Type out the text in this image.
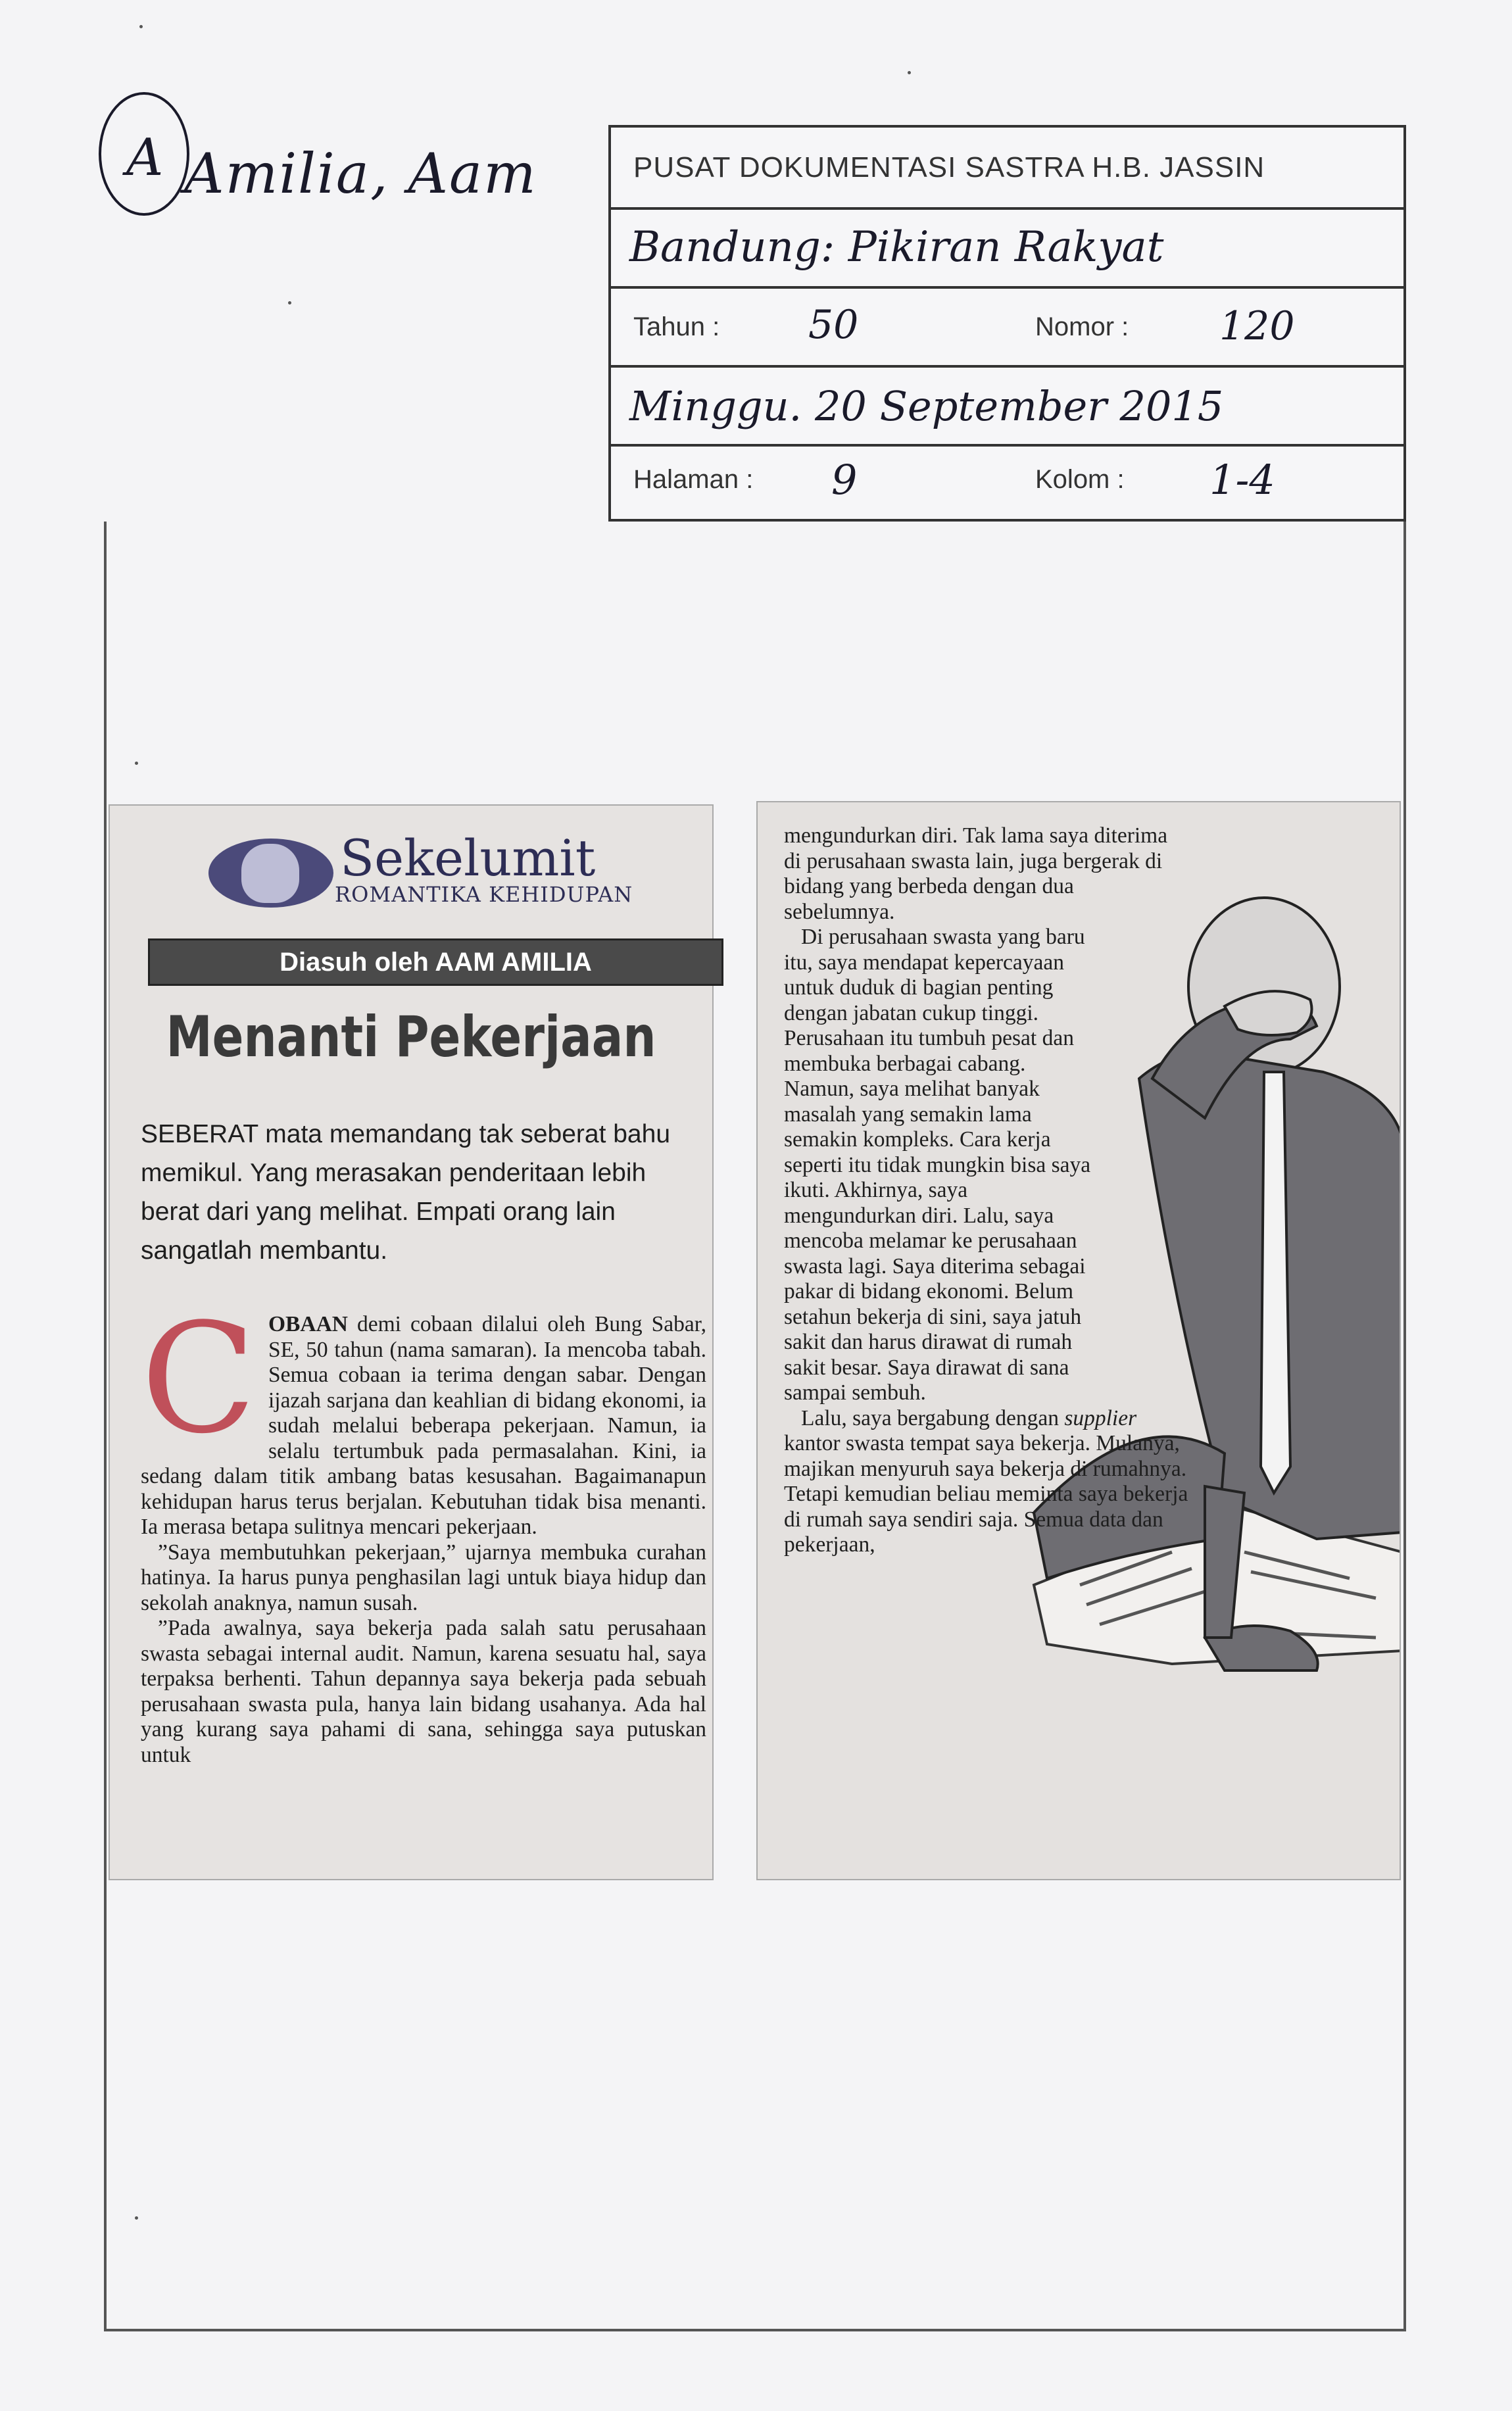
A Amilia, Aam	PUSAT DOKUMENTASI SASTRA H.B. JASSIN
Bandung: Pikiran Rakyat
Tahun : 50	Nomor : 120
Minggu. 20 September 2015
Halaman : 9	Kolom : 1-4
Sekelumit
ROMANTIKA KEHIDUPAN
Diasuh oleh AAM AMILIA
Menanti Pekerjaan
SEBERAT mata memandang tak seberat bahu memikul. Yang merasakan penderitaan lebih berat dari yang melihat. Empati orang lain sangatlah membantu.
C OBAAN demi cobaan dilalui oleh Bung Sabar, SE, 50 tahun (nama samaran). Ia mencoba tabah. Semua cobaan ia terima dengan sabar. Dengan ijazah sarjana dan keahlian di bidang ekonomi, ia sudah melalui beberapa pekerjaan. Namun, ia selalu tertumbuk pada permasalahan. Kini, ia sedang dalam titik ambang batas kesusahan. Bagaimanapun kehidupan harus terus berjalan. Kebutuhan tidak bisa menanti. Ia merasa betapa sulitnya mencari pekerjaan.

”Saya membutuhkan pekerjaan,” ujarnya membuka curahan hatinya. Ia harus punya penghasilan lagi untuk biaya hidup dan sekolah anaknya, namun susah.

”Pada awalnya, saya bekerja pada salah satu perusahaan swasta sebagai internal audit. Namun, karena sesuatu hal, saya terpaksa berhenti. Tahun depannya saya bekerja pada sebuah perusahaan swasta pula, hanya lain bidang usahanya. Ada hal yang kurang saya pahami di sana, sehingga saya putuskan untuk

mengundurkan diri. Tak lama saya diterima di perusahaan swasta lain, juga bergerak di bidang yang berbeda dengan dua sebelumnya.

Di perusahaan swasta yang baru itu, saya mendapat kepercayaan untuk duduk di bagian penting dengan jabatan cukup tinggi. Perusahaan itu tumbuh pesat dan membuka berbagai cabang. Namun, saya melihat banyak masalah yang semakin lama semakin kompleks. Cara kerja seperti itu tidak mungkin bisa saya ikuti. Akhirnya, saya mengundurkan diri. Lalu, saya mencoba melamar ke perusahaan swasta lagi. Saya diterima sebagai pakar di bidang ekonomi. Belum setahun bekerja di sini, saya jatuh sakit dan harus dirawat di rumah sakit besar. Saya dirawat di sana sampai sembuh.

Lalu, saya bergabung dengan supplier kantor swasta tempat saya bekerja. Mulanya, majikan menyuruh saya bekerja di rumahnya. Tetapi kemudian beliau meminta saya bekerja di rumah saya sendiri saja. Semua data dan pekerjaan,
